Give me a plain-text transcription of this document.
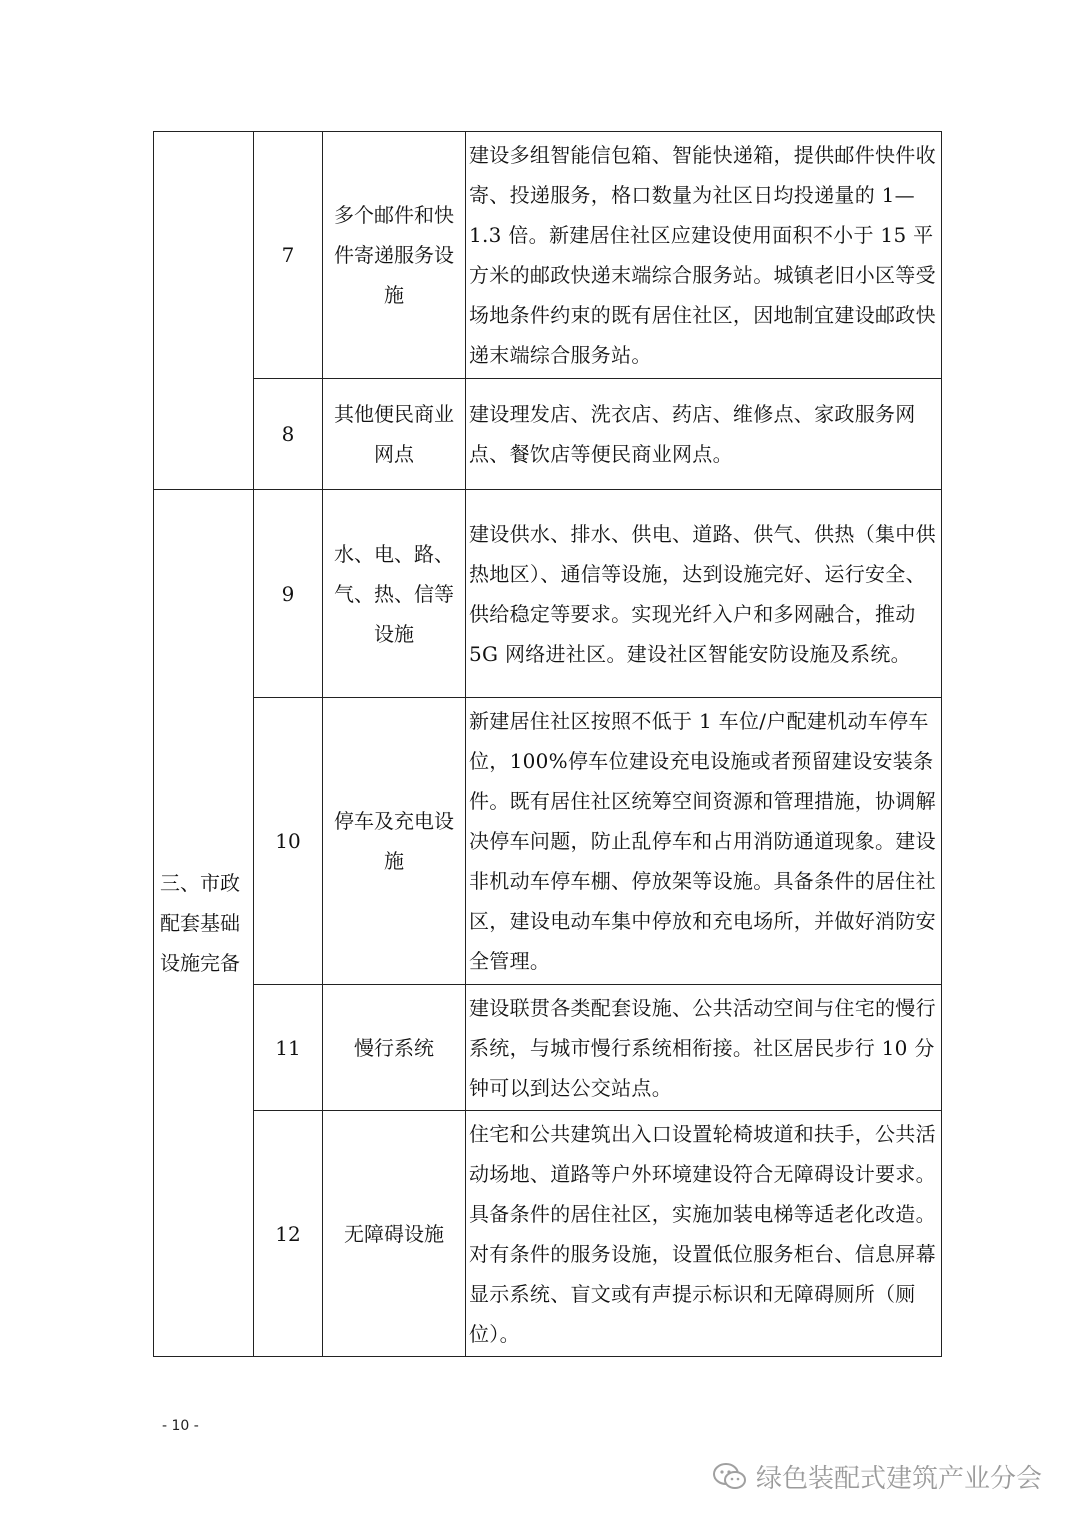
	7	多个邮件和快件寄递服务设施	建设多组智能信包箱、智能快递箱，提供邮件快件收寄、投递服务，格口数量为社区日均投递量的 1—1.3 倍。新建居住社区应建设使用面积不小于 15 平方米的邮政快递末端综合服务站。城镇老旧小区等受场地条件约束的既有居住社区，因地制宜建设邮政快递末端综合服务站。
	8	其他便民商业网点	建设理发店、洗衣店、药店、维修点、家政服务网点、餐饮店等便民商业网点。

三、市政配套基础设施完备	9	水、电、路、气、热、信等设施	建设供水、排水、供电、道路、供气、供热（集中供热地区）、通信等设施，达到设施完好、运行安全、供给稳定等要求。实现光纤入户和多网融合，推动 5G 网络进社区。建设社区智能安防设施及系统。
	10	停车及充电设施	新建居住社区按照不低于 1 车位/户配建机动车停车位，100%停车位建设充电设施或者预留建设安装条件。既有居住社区统筹空间资源和管理措施，协调解决停车问题，防止乱停车和占用消防通道现象。建设非机动车停车棚、停放架等设施。具备条件的居住社区，建设电动车集中停放和充电场所，并做好消防安全管理。
	11	慢行系统	建设联贯各类配套设施、公共活动空间与住宅的慢行系统，与城市慢行系统相衔接。社区居民步行 10 分钟可以到达公交站点。
	12	无障碍设施	住宅和公共建筑出入口设置轮椅坡道和扶手，公共活动场地、道路等户外环境建设符合无障碍设计要求。具备条件的居住社区，实施加装电梯等适老化改造。对有条件的服务设施，设置低位服务柜台、信息屏幕显示系统、盲文或有声提示标识和无障碍厕所（厕位）。
- 10 -
绿色装配式建筑产业分会
